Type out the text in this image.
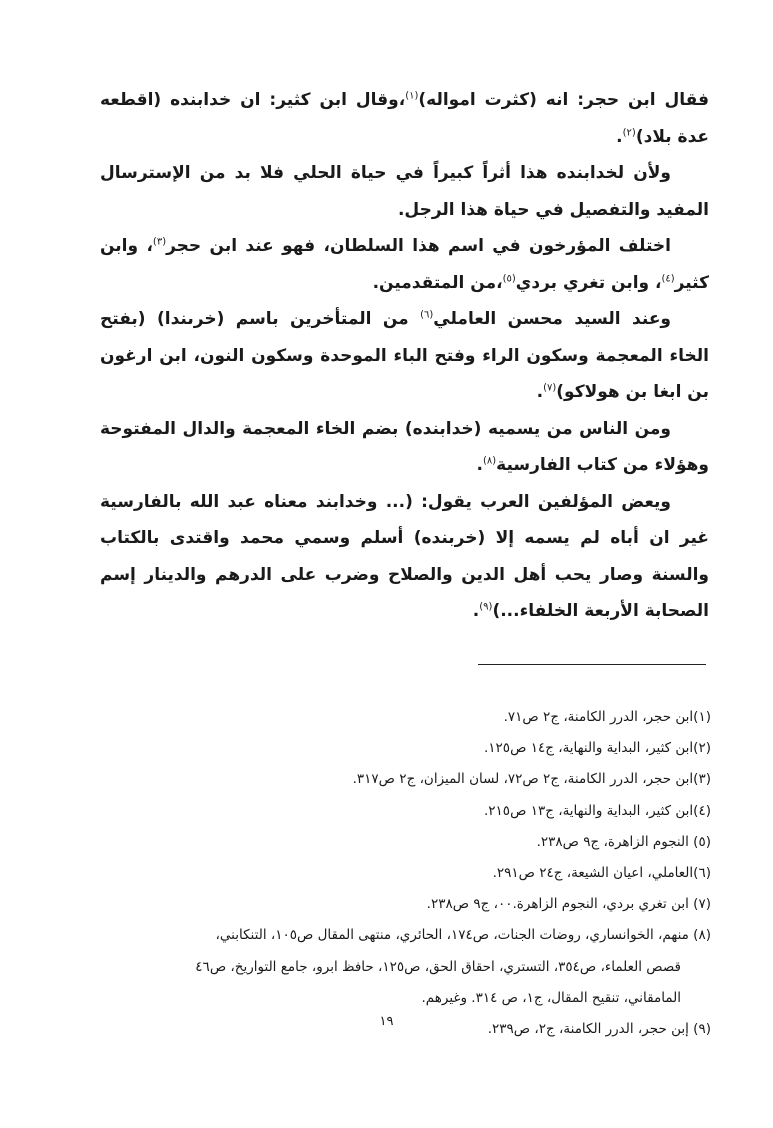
فقال ابن حجر: انه (كثرت امواله)$^{(١)}$،وقال ابن كثير: ان خدابنده (اقطعه عدة بلاد)$^{(٢)}$.

ولأن لخدابنده هذا أثراً كبيراً في حياة الحلي فلا بد من الإسترسال المفيد والتفصيل في حياة هذا الرجل.

اختلف المؤرخون في اسم هذا السلطان، فهو عند ابن حجر$^{(٣)}$، وابن كثير$^{(٤)}$، وابن تغري بردي$^{(٥)}$،من المتقدمين.

وعند السيد محسن العاملي$^{(٦)}$ من المتأخرين باسم (خرىندا) (بفتح الخاء المعجمة وسكون الراء وفتح الباء الموحدة وسكون النون، ابن ارغون بن ابغا بن هولاكو)$^{(٧)}$.

ومن الناس من يسميه (خدابنده) بضم الخاء المعجمة والدال المفتوحة وهؤلاء من كتاب الفارسية$^{(٨)}$.

ويعض المؤلفين العرب يقول: (... وخدابند معناه عبد الله بالفارسية غير ان أباه لم يسمه إلا (خربنده) أسلم وسمي محمد واقتدى بالكتاب والسنة وصار يحب أهل الدين والصلاح وضرب على الدرهم والدينار إسم الصحابة الأربعة الخلفاء...)$^{(٩)}$.

(١)ابن حجر، الدرر الكامنة، ج٢ ص٧١.

(٢)ابن كثير، البداية والنهاية، ج١٤ ص١٢٥.

(٣)ابن حجر، الدرر الكامنة، ج٢ ص٧٢، لسان الميزان، ج٢ ص٣١٧.

(٤)ابن كثير، البداية والنهاية، ج١٣ ص٢١٥.

(٥) النجوم الزاهرة، ج٩ ص٢٣٨.

(٦)العاملي، اعيان الشيعة، ج٢٤ ص٢٩١.

(٧) ابن تغري بردي، النجوم الزاهرة.٠٠، ج٩ ص٢٣٨.

(٨) منهم، الخوانساري، روضات الجنات، ص١٧٤، الحائري، منتهى المقال ص١٠٥، التنكابني،
قصص العلماء، ص٣٥٤، التستري، احقاق الحق، ص١٢٥، حافظ ابرو، جامع التواريخ، ص٤٦
المامقاني، تنقيح المقال، ج١، ص ٣١٤. وغيرهم.

(٩) إبن حجر، الدرر الكامنة، ج٢، ص٢٣٩.

١٩
